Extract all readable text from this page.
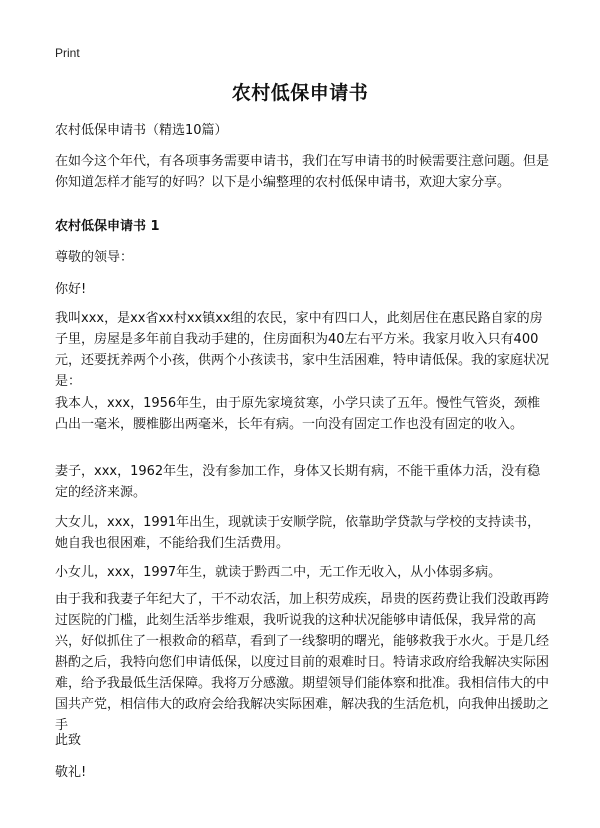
Print
农村低保申请书

农村低保申请书（精选10篇）

在如今这个年代，有各项事务需要申请书，我们在写申请书的时候需要注意问题。但是你知道怎样才能写的好吗？以下是小编整理的农村低保申请书，欢迎大家分享。

农村低保申请书 1

尊敬的领导：

你好!

我叫xxx，是xx省xx村xx镇xx组的农民，家中有四口人，此刻居住在惠民路自家的房子里，房屋是多年前自我动手建的，住房面积为40左右平方米。我家月收入只有400元，还要抚养两个小孩，供两个小孩读书，家中生活困难，特申请低保。我的家庭状况是：

我本人，xxx，1956年生，由于原先家境贫寒，小学只读了五年。慢性气管炎，颈椎凸出一毫米，腰椎膨出两毫米，长年有病。一向没有固定工作也没有固定的收入。

妻子，xxx，1962年生，没有参加工作，身体又长期有病，不能干重体力活，没有稳定的经济来源。

大女儿，xxx，1991年出生，现就读于安顺学院，依靠助学贷款与学校的支持读书，她自我也很困难，不能给我们生活费用。

小女儿，xxx，1997年生，就读于黔西二中，无工作无收入，从小体弱多病。

由于我和我妻子年纪大了，干不动农活，加上积劳成疾，昂贵的医药费让我们没敢再跨过医院的门槛，此刻生活举步维艰，我听说我的这种状况能够申请低保，我异常的高兴，好似抓住了一根救命的稻草，看到了一线黎明的曙光，能够救我于水火。于是几经斟酌之后，我特向您们申请低保，以度过目前的艰难时日。特请求政府给我解决实际困难，给予我最低生活保障。我将万分感激。期望领导们能体察和批准。我相信伟大的中国共产党，相信伟大的政府会给我解决实际困难，解决我的生活危机，向我伸出援助之手

此致

敬礼!
